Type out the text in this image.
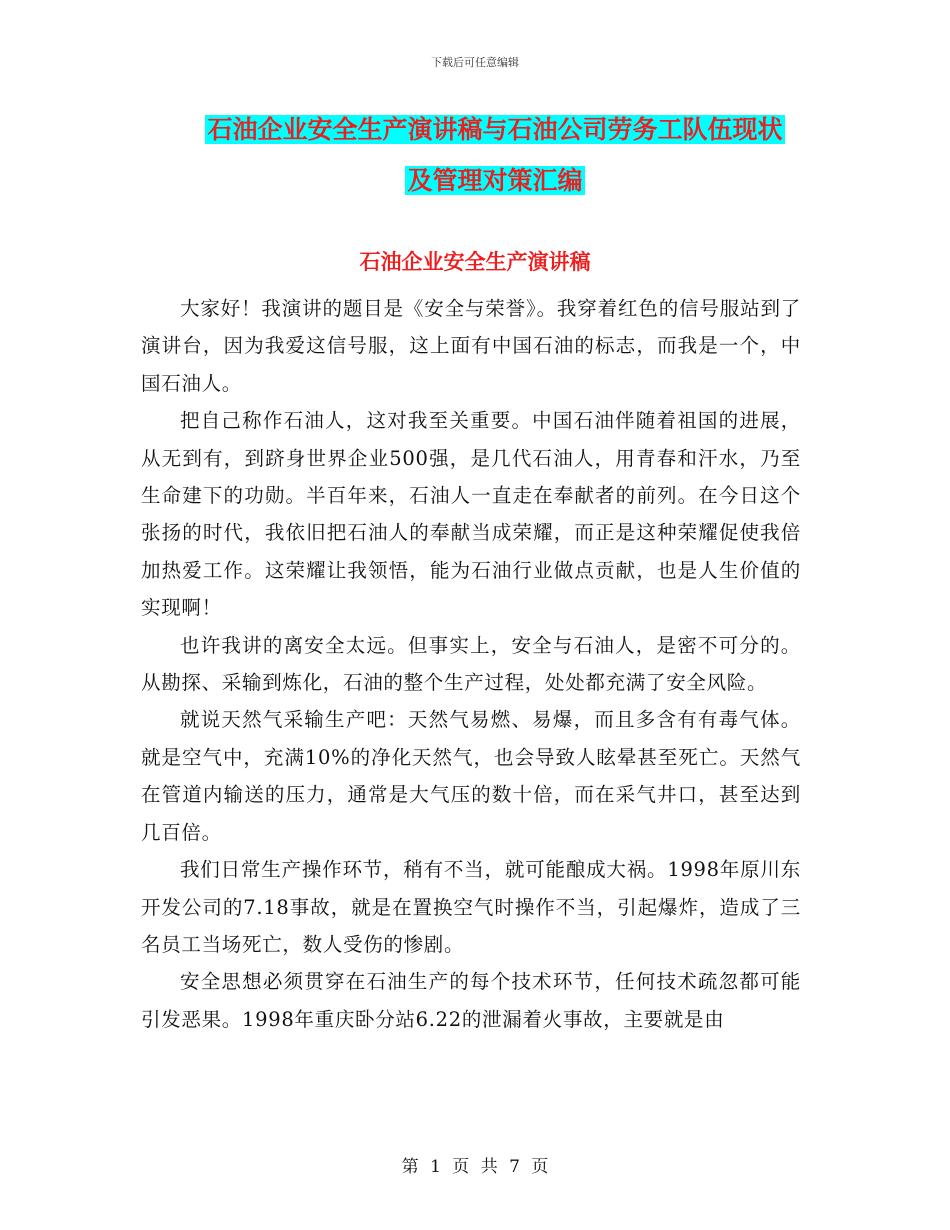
下载后可任意编辑
石油企业安全生产演讲稿与石油公司劳务工队伍现状
及管理对策汇编
石油企业安全生产演讲稿

大家好！我演讲的题目是《安全与荣誉》。我穿着红色的信号服站到了演讲台，因为我爱这信号服，这上面有中国石油的标志，而我是一个，中国石油人。

把自己称作石油人，这对我至关重要。中国石油伴随着祖国的进展，从无到有，到跻身世界企业500强，是几代石油人，用青春和汗水，乃至生命建下的功勋。半百年来，石油人一直走在奉献者的前列。在今日这个张扬的时代，我依旧把石油人的奉献当成荣耀，而正是这种荣耀促使我倍加热爱工作。这荣耀让我领悟，能为石油行业做点贡献，也是人生价值的实现啊！

也许我讲的离安全太远。但事实上，安全与石油人，是密不可分的。从勘探、采输到炼化，石油的整个生产过程，处处都充满了安全风险。

就说天然气采输生产吧：天然气易燃、易爆，而且多含有有毒气体。就是空气中，充满10%的净化天然气，也会导致人眩晕甚至死亡。天然气在管道内输送的压力，通常是大气压的数十倍，而在采气井口，甚至达到几百倍。

我们日常生产操作环节，稍有不当，就可能酿成大祸。1998年原川东开发公司的7.18事故，就是在置换空气时操作不当，引起爆炸，造成了三名员工当场死亡，数人受伤的惨剧。

安全思想必须贯穿在石油生产的每个技术环节，任何技术疏忽都可能引发恶果。1998年重庆卧分站6.22的泄漏着火事故，主要就是由

第 1 页 共 7 页
